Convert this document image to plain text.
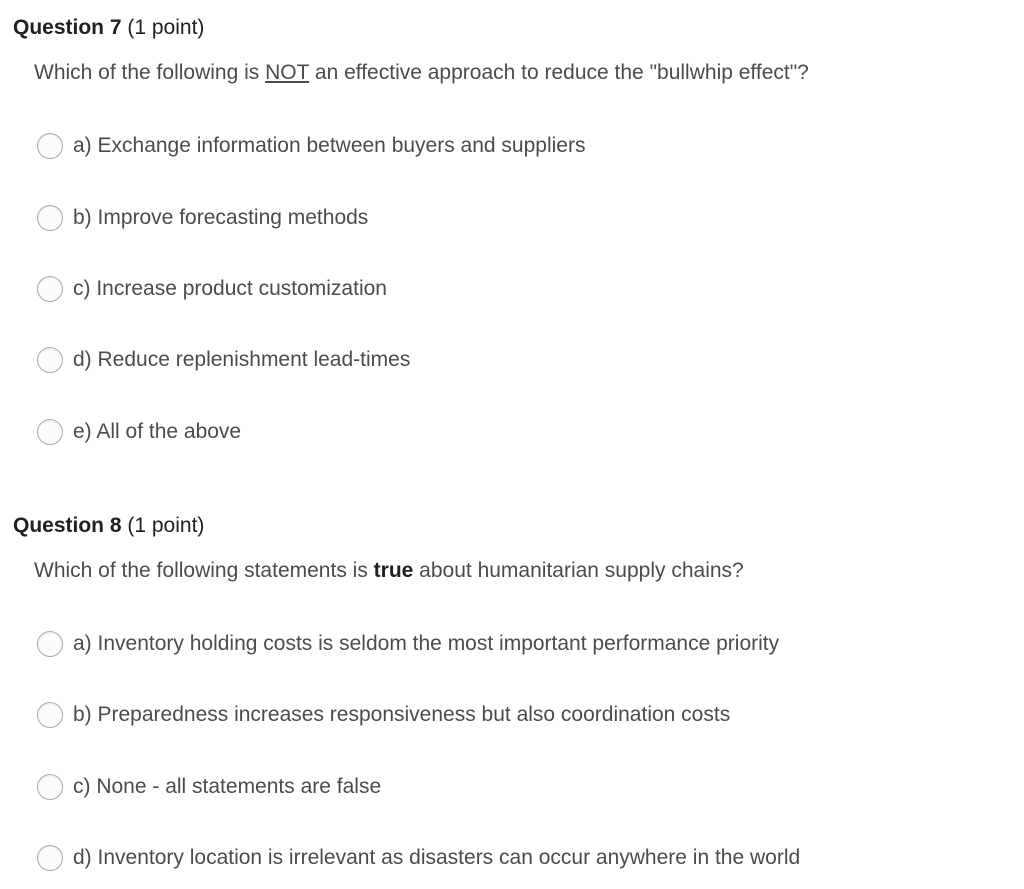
Question 7 (1 point)
Which of the following is NOT an effective approach to reduce the "bullwhip effect"?
a) Exchange information between buyers and suppliers
b) Improve forecasting methods
c) Increase product customization
d) Reduce replenishment lead-times
e) All of the above
Question 8 (1 point)
Which of the following statements is true about humanitarian supply chains?
a) Inventory holding costs is seldom the most important performance priority
b) Preparedness increases responsiveness but also coordination costs
c) None - all statements are false
d) Inventory location is irrelevant as disasters can occur anywhere in the world
